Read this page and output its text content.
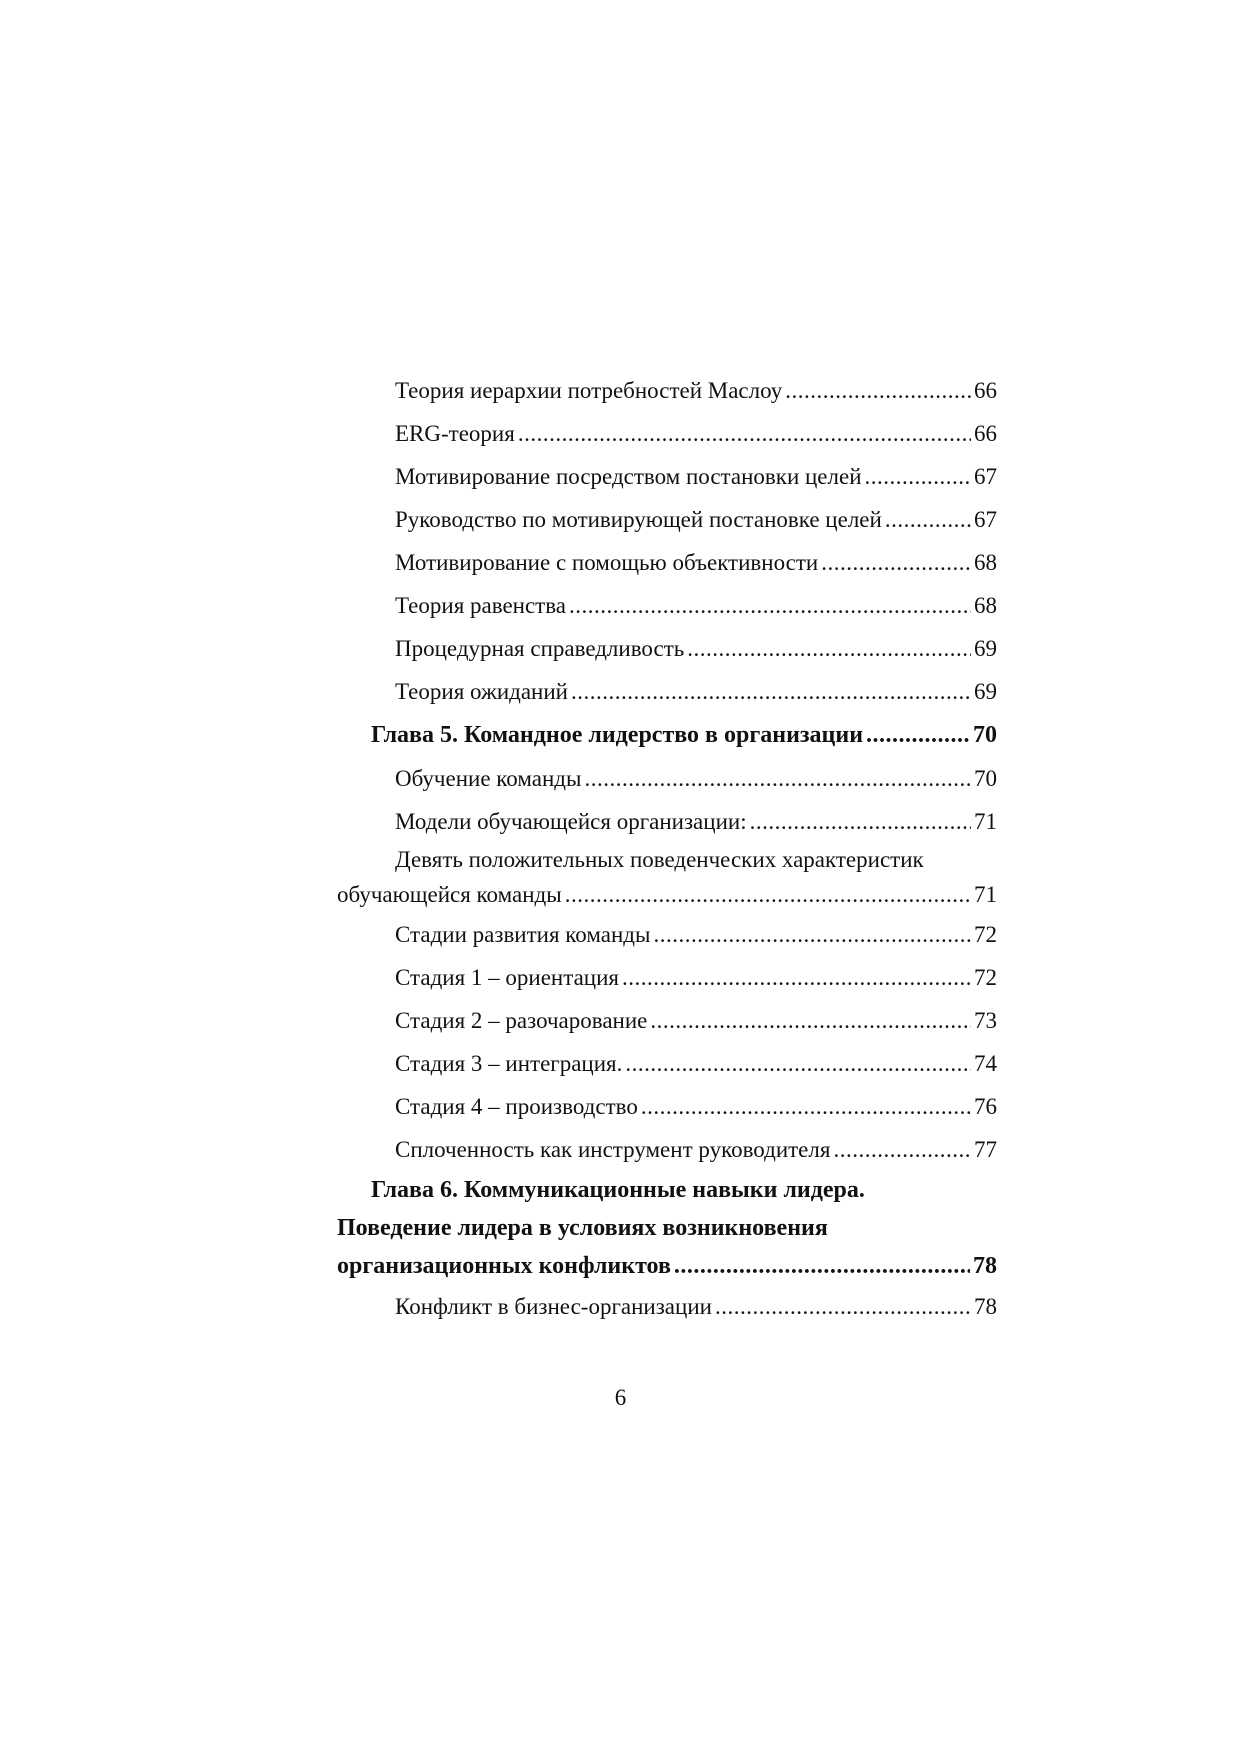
Теория иерархии потребностей Маслоу .....	66
ERG-теория .....	66
Мотивирование посредством постановки целей .....	67
Руководство по мотивирующей постановке целей .....	67
Мотивирование с помощью объективности .....	68
Теория равенства .....	68
Процедурная справедливость .....	69
Теория ожиданий .....	69
Глава 5. Командное лидерство в организации .....	70
Обучение команды .....	70
Модели обучающейся организации: .....	71
Девять положительных поведенческих характеристик
обучающейся команды .....	71
Стадии развития команды .....	72
Стадия 1 – ориентация .....	72
Стадия 2 – разочарование .....	73
Стадия 3 – интеграция. .....	74
Стадия 4 – производство .....	76
Сплоченность как инструмент руководителя .....	77
Глава 6. Коммуникационные навыки лидера.
Поведение лидера в условиях возникновения
организационных конфликтов .....	78
Конфликт в бизнес-организации .....	78
6
